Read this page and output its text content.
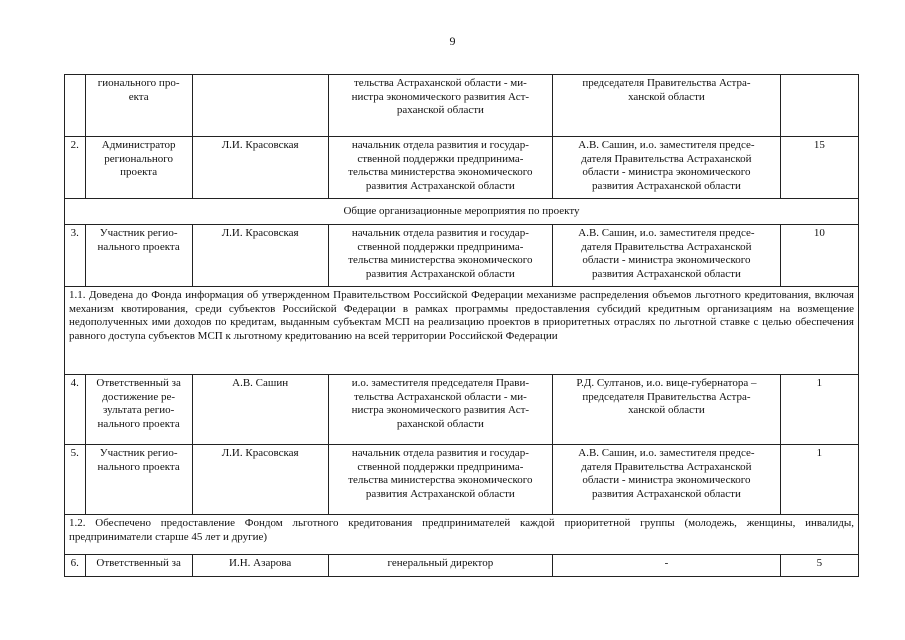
9
	гионального про-
екта		тельства Астраханской области - ми-
нистра экономического развития Аст-
раханской области	председателя Правительства Астра-
ханской области	
2.	Администратор
регионального
проекта	Л.И. Красовская	начальник отдела развития и государ-
ственной поддержки предпринима-
тельства министерства экономического
развития Астраханской области	А.В. Сашин, и.о. заместителя предсе-
дателя Правительства Астраханской
области - министра экономического
развития Астраханской области	15
Общие организационные мероприятия по проекту					
3.	Участник регио-
нального проекта	Л.И. Красовская	начальник отдела развития и государ-
ственной поддержки предпринима-
тельства министерства экономического
развития Астраханской области	А.В. Сашин, и.о. заместителя предсе-
дателя Правительства Астраханской
области - министра экономического
развития Астраханской области	10
1.1. Доведена до Фонда информация об утвержденном Правительством Российской Федерации механизме распределения объемов льготного кредитования, включая механизм квотирования, среди субъектов Российской Федерации в рамках программы предоставления субсидий кредитным организациям на возмещение недополученных ими доходов по кредитам, выданным субъектам МСП на реализацию проектов в приоритетных отраслях по льготной ставке с целью обеспечения равного доступа субъектов МСП к льготному кредитованию на всей территории Российской Федерации					
4.	Ответственный за
достижение ре-
зультата регио-
нального проекта	А.В. Сашин	и.о. заместителя председателя Прави-
тельства Астраханской области - ми-
нистра экономического развития Аст-
раханской области	Р.Д. Султанов, и.о. вице-губернатора –
председателя Правительства Астра-
ханской области	1
5.	Участник регио-
нального проекта	Л.И. Красовская	начальник отдела развития и государ-
ственной поддержки предпринима-
тельства министерства экономического
развития Астраханской области	А.В. Сашин, и.о. заместителя предсе-
дателя Правительства Астраханской
области - министра экономического
развития Астраханской области	1
1.2. Обеспечено предоставление Фондом льготного кредитования предпринимателей каждой приоритетной группы (молодежь, женщины, инвалиды, предприниматели старше 45 лет и другие)					
6.	Ответственный за	И.Н. Азарова	генеральный директор	-	5
